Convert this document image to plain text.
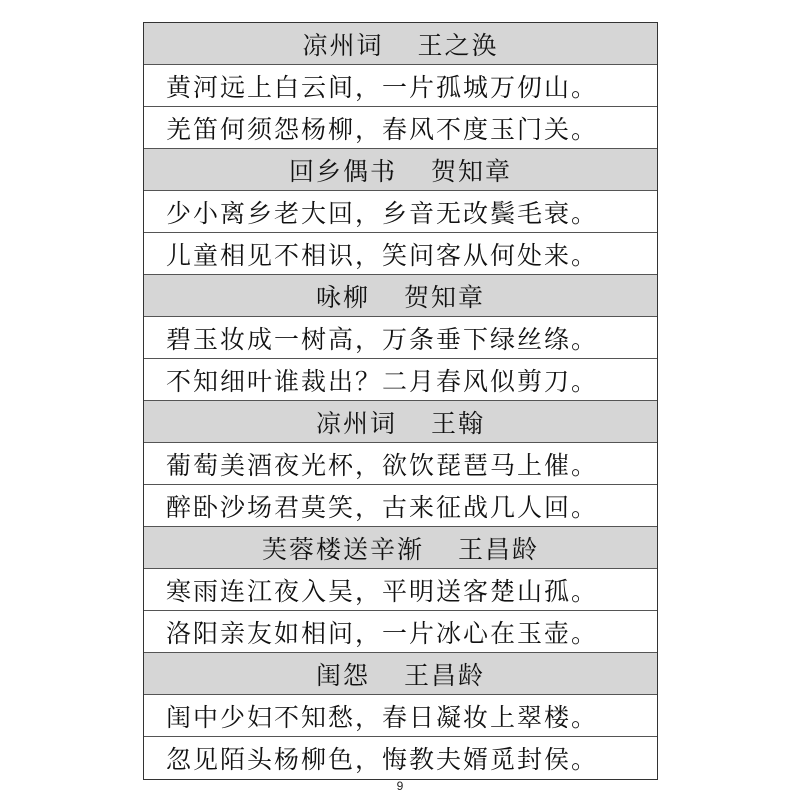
凉州词 王之涣
黄河远上白云间，一片孤城万仞山。
羌笛何须怨杨柳，春风不度玉门关。
回乡偶书 贺知章
少小离乡老大回，乡音无改鬓毛衰。
儿童相见不相识，笑问客从何处来。
咏柳 贺知章
碧玉妆成一树高，万条垂下绿丝绦。
不知细叶谁裁出？二月春风似剪刀。
凉州词 王翰
葡萄美酒夜光杯，欲饮琵琶马上催。
醉卧沙场君莫笑，古来征战几人回。
芙蓉楼送辛渐 王昌龄
寒雨连江夜入吴，平明送客楚山孤。
洛阳亲友如相问，一片冰心在玉壶。
闺怨 王昌龄
闺中少妇不知愁，春日凝妆上翠楼。
忽见陌头杨柳色，悔教夫婿觅封侯。
9
